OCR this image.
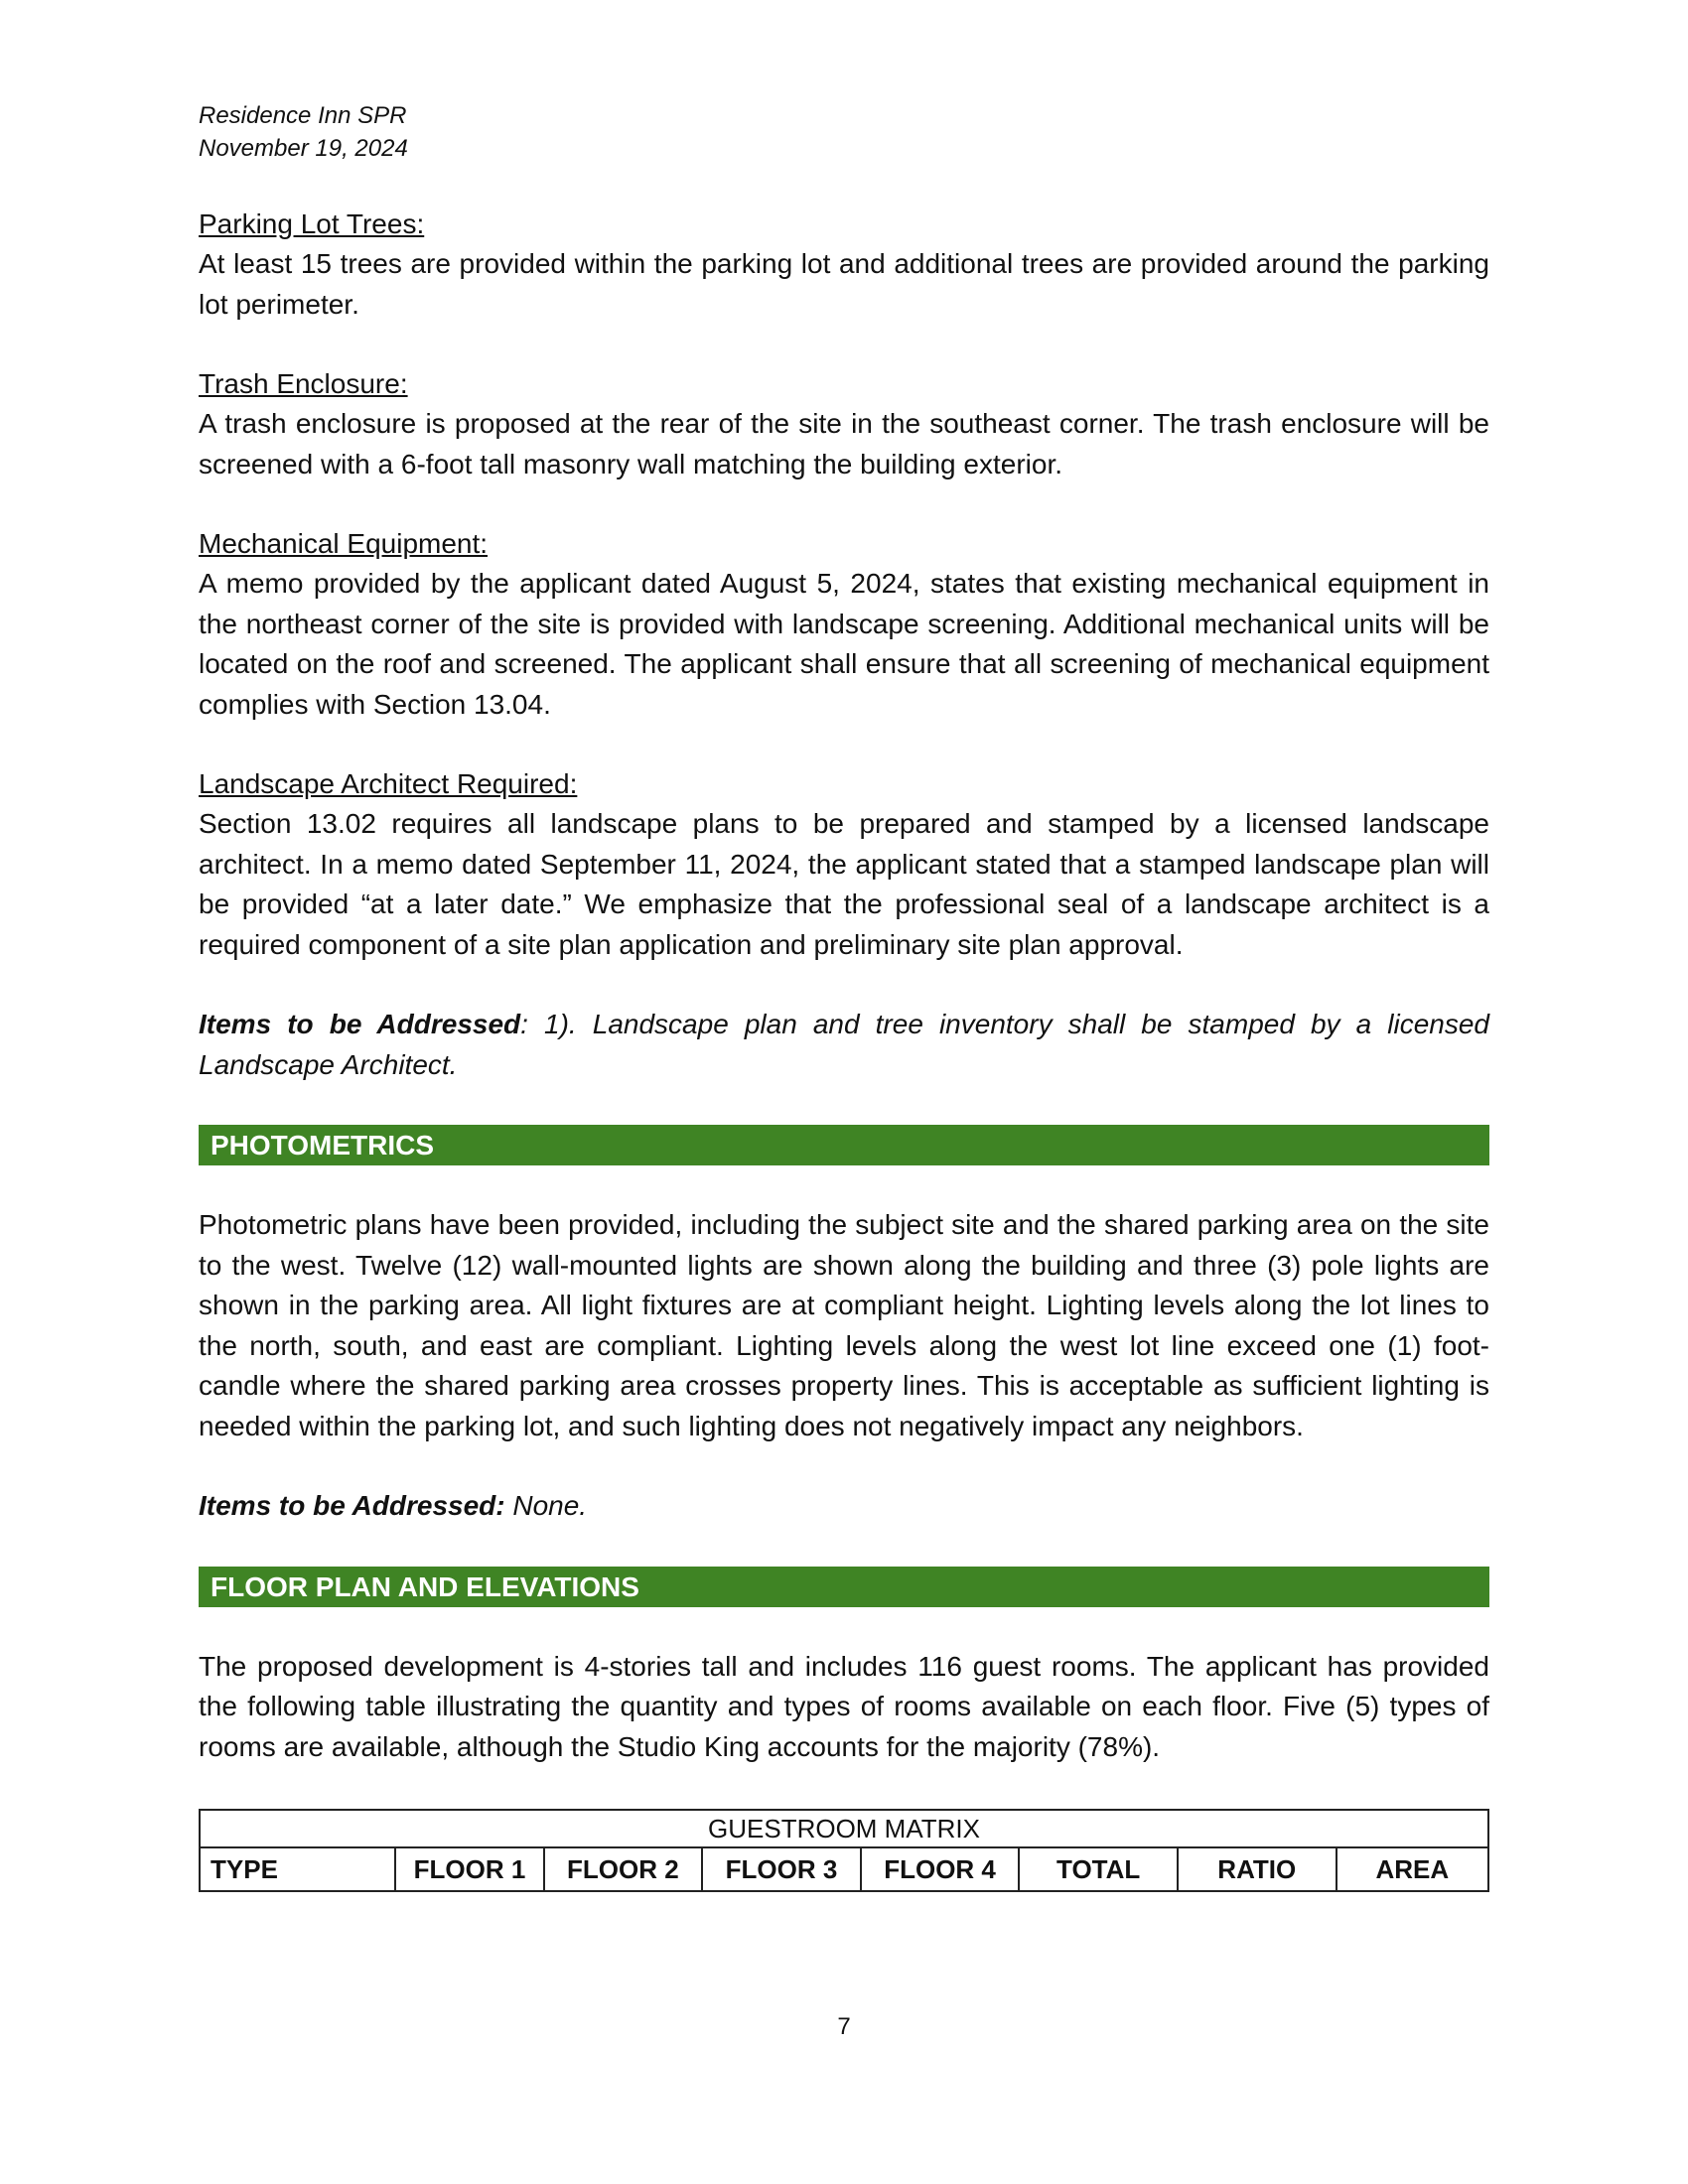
Residence Inn SPR
November 19, 2024
Parking Lot Trees:
At least 15 trees are provided within the parking lot and additional trees are provided around the parking lot perimeter.
Trash Enclosure:
A trash enclosure is proposed at the rear of the site in the southeast corner. The trash enclosure will be screened with a 6-foot tall masonry wall matching the building exterior.
Mechanical Equipment:
A memo provided by the applicant dated August 5, 2024, states that existing mechanical equipment in the northeast corner of the site is provided with landscape screening. Additional mechanical units will be located on the roof and screened. The applicant shall ensure that all screening of mechanical equipment complies with Section 13.04.
Landscape Architect Required:
Section 13.02 requires all landscape plans to be prepared and stamped by a licensed landscape architect. In a memo dated September 11, 2024, the applicant stated that a stamped landscape plan will be provided “at a later date.” We emphasize that the professional seal of a landscape architect is a required component of a site plan application and preliminary site plan approval.
Items to be Addressed: 1). Landscape plan and tree inventory shall be stamped by a licensed Landscape Architect.
PHOTOMETRICS
Photometric plans have been provided, including the subject site and the shared parking area on the site to the west. Twelve (12) wall-mounted lights are shown along the building and three (3) pole lights are shown in the parking area. All light fixtures are at compliant height. Lighting levels along the lot lines to the north, south, and east are compliant. Lighting levels along the west lot line exceed one (1) foot-candle where the shared parking area crosses property lines. This is acceptable as sufficient lighting is needed within the parking lot, and such lighting does not negatively impact any neighbors.
Items to be Addressed: None.
FLOOR PLAN AND ELEVATIONS
The proposed development is 4-stories tall and includes 116 guest rooms. The applicant has provided the following table illustrating the quantity and types of rooms available on each floor. Five (5) types of rooms are available, although the Studio King accounts for the majority (78%).
GUESTROOM MATRIX
TYPE	FLOOR 1	FLOOR 2	FLOOR 3	FLOOR 4	TOTAL	RATIO	AREA
7
